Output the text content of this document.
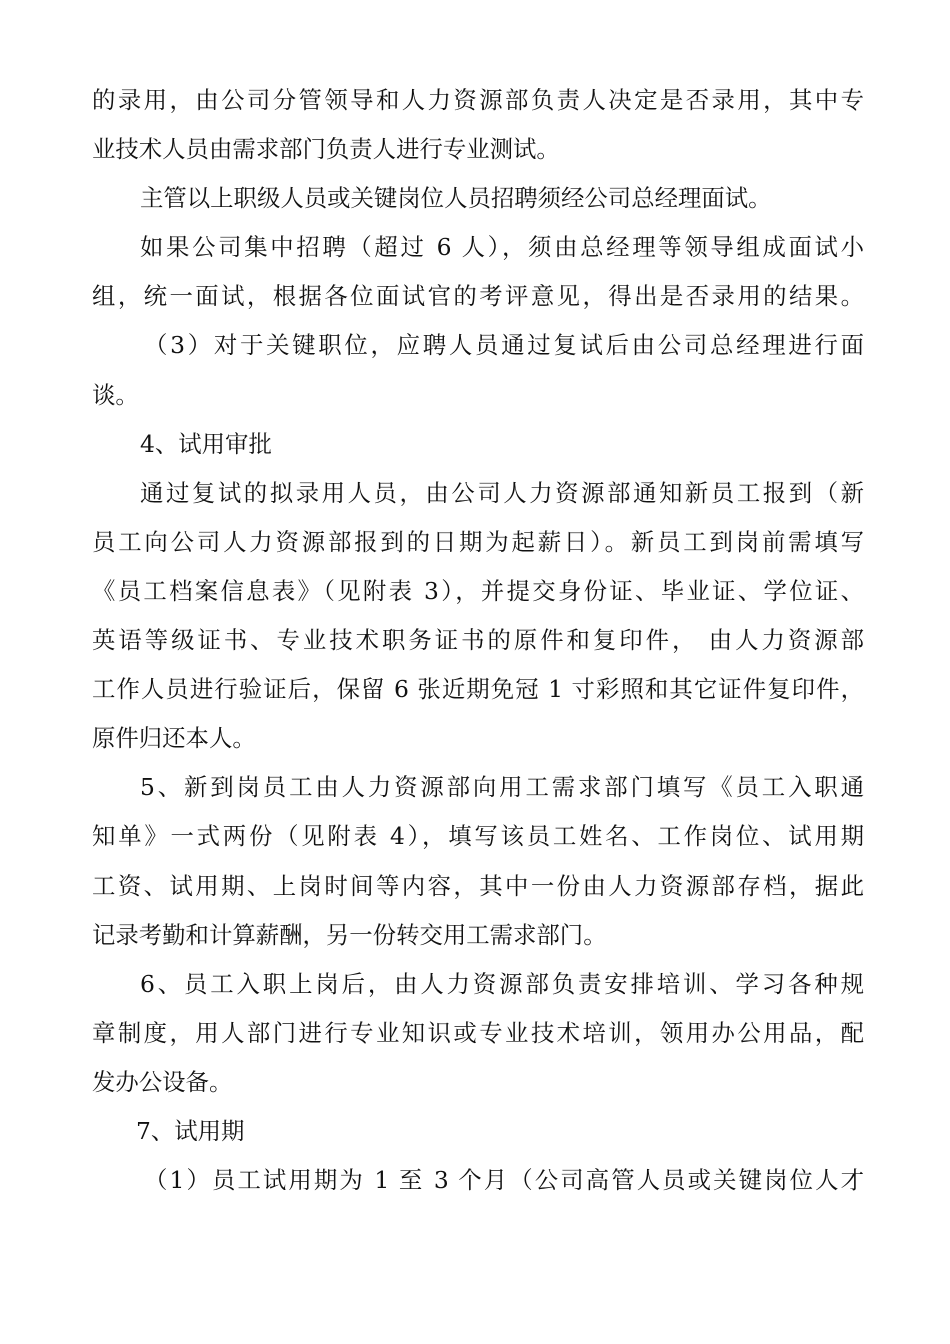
的录用，由公司分管领导和人力资源部负责人决定是否录用，其中专
业技术人员由需求部门负责人进行专业测试。
主管以上职级人员或关键岗位人员招聘须经公司总经理面试。
如果公司集中招聘（超过 6 人），须由总经理等领导组成面试小
组，统一面试，根据各位面试官的考评意见，得出是否录用的结果。
（3）对于关键职位，应聘人员通过复试后由公司总经理进行面
谈。
4、试用审批
通过复试的拟录用人员，由公司人力资源部通知新员工报到（新
员工向公司人力资源部报到的日期为起薪日）。新员工到岗前需填写
《员工档案信息表》（见附表 3），并提交身份证、毕业证、学位证、
英语等级证书、专业技术职务证书的原件和复印件， 由人力资源部
工作人员进行验证后，保留 6 张近期免冠 1 寸彩照和其它证件复印件，
原件归还本人。
5、新到岗员工由人力资源部向用工需求部门填写《员工入职通
知单》一式两份（见附表 4），填写该员工姓名、工作岗位、试用期
工资、试用期、上岗时间等内容，其中一份由人力资源部存档，据此
记录考勤和计算薪酬，另一份转交用工需求部门。
6、员工入职上岗后，由人力资源部负责安排培训、学习各种规
章制度，用人部门进行专业知识或专业技术培训，领用办公用品，配
发办公设备。
7、试用期
（1）员工试用期为 1 至 3 个月（公司高管人员或关键岗位人才
